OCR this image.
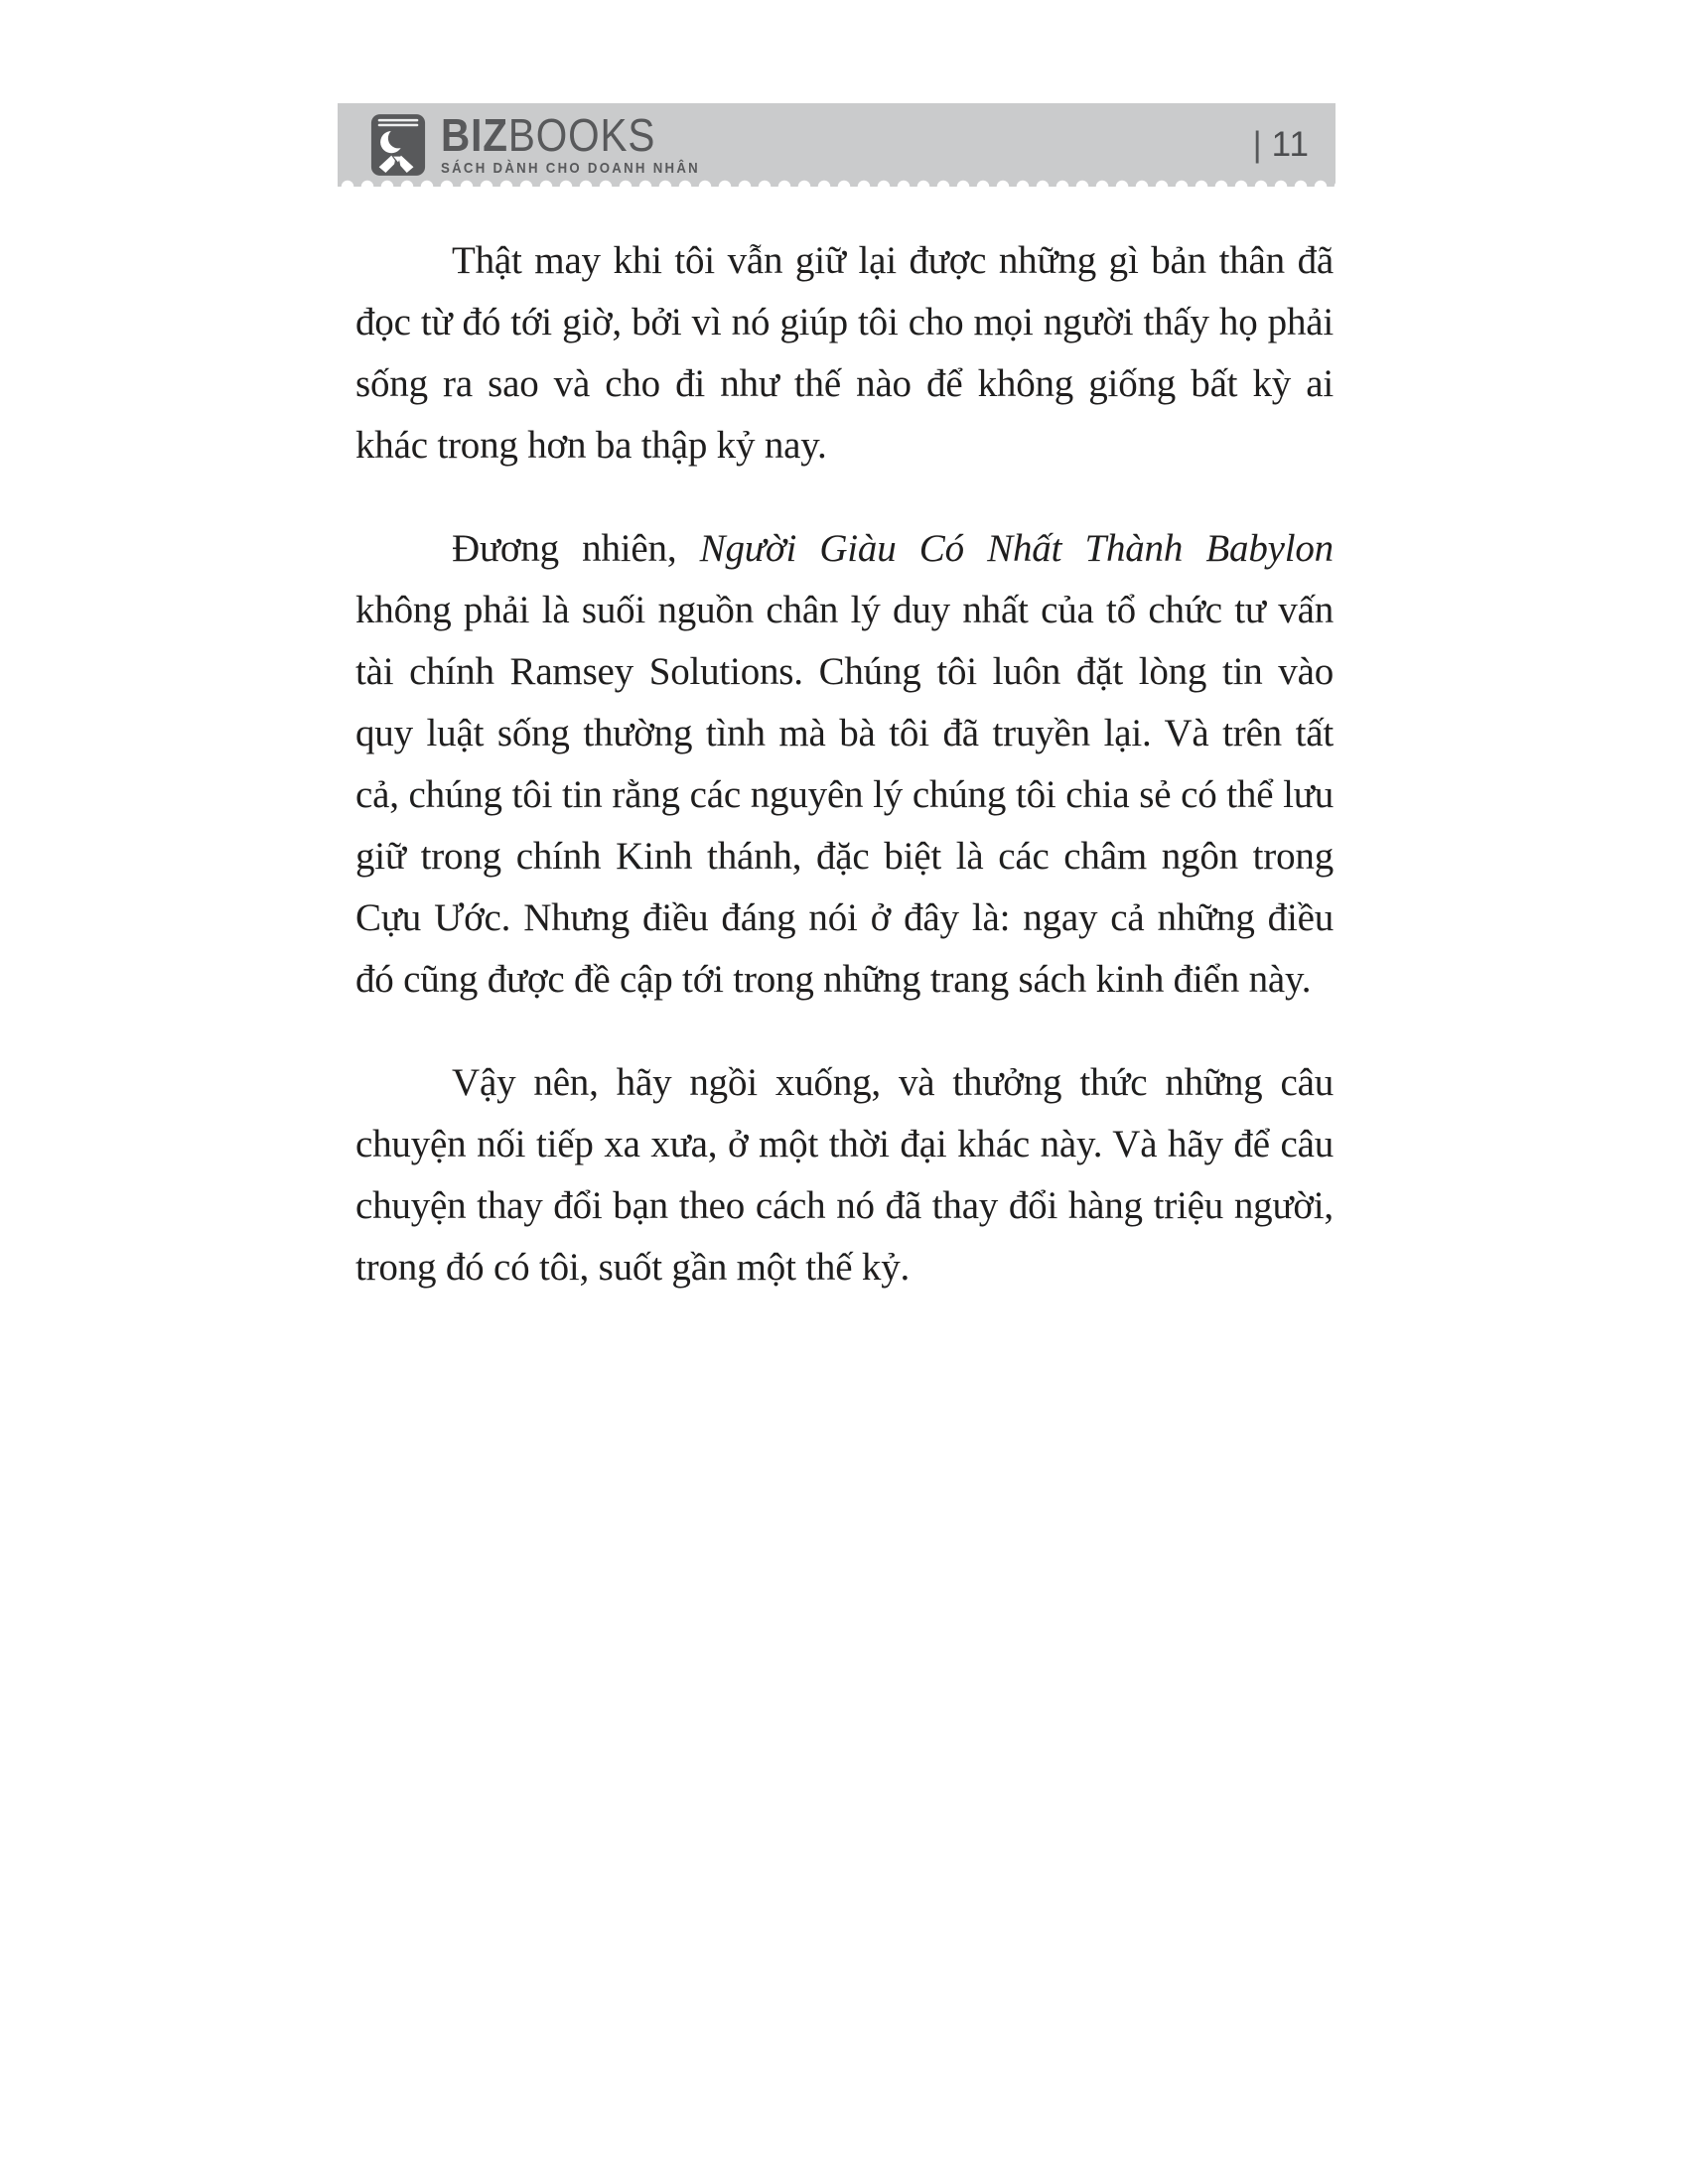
BIZBOOKS
SÁCH DÀNH CHO DOANH NHÂN
| 11

Thật may khi tôi vẫn giữ lại được những gì bản thân đã đọc từ đó tới giờ, bởi vì nó giúp tôi cho mọi người thấy họ phải sống ra sao và cho đi như thế nào để không giống bất kỳ ai khác trong hơn ba thập kỷ nay.

Đương nhiên, Người Giàu Có Nhất Thành Babylon không phải là suối nguồn chân lý duy nhất của tổ chức tư vấn tài chính Ramsey Solutions. Chúng tôi luôn đặt lòng tin vào quy luật sống thường tình mà bà tôi đã truyền lại. Và trên tất cả, chúng tôi tin rằng các nguyên lý chúng tôi chia sẻ có thể lưu giữ trong chính Kinh thánh, đặc biệt là các châm ngôn trong Cựu Ước. Nhưng điều đáng nói ở đây là: ngay cả những điều đó cũng được đề cập tới trong những trang sách kinh điển này.

Vậy nên, hãy ngồi xuống, và thưởng thức những câu chuyện nối tiếp xa xưa, ở một thời đại khác này. Và hãy để câu chuyện thay đổi bạn theo cách nó đã thay đổi hàng triệu người, trong đó có tôi, suốt gần một thế kỷ.
